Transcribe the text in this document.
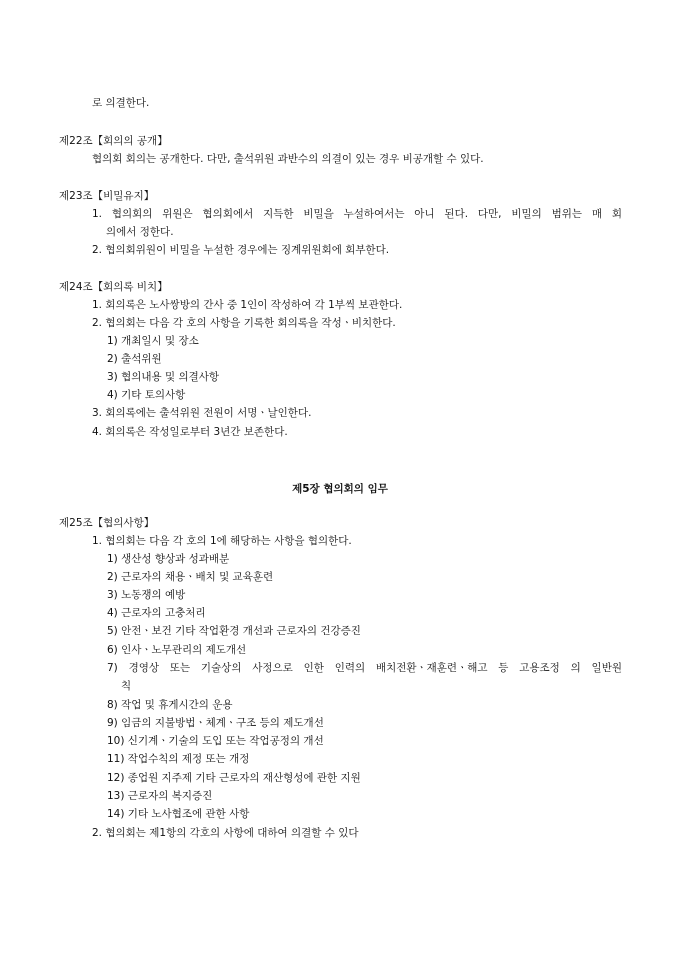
로 의결한다.
제22조【회의의 공개】
협의회 회의는 공개한다. 다만, 출석위원 과반수의 의결이 있는 경우 비공개할 수 있다.
제23조【비밀유지】
1. 협의회의 위원은 협의회에서 지득한 비밀을 누설하여서는 아니 된다. 다만, 비밀의 범위는 매 회
의에서 정한다.
2. 협의회위원이 비밀을 누설한 경우에는 징계위원회에 회부한다.
제24조【회의록 비치】
1. 회의록은 노사쌍방의 간사 중 1인이 작성하여 각 1부씩 보관한다.
2. 협의회는 다음 각 호의 사항을 기록한 회의록을 작성ㆍ비치한다.
1) 개최일시 및 장소
2) 출석위원
3) 협의내용 및 의결사항
4) 기타 토의사항
3. 회의록에는 출석위원 전원이 서명ㆍ날인한다.
4. 회의록은 작성일로부터 3년간 보존한다.
제5장 협의회의 임무
제25조【협의사항】
1. 협의회는 다음 각 호의 1에 해당하는 사항을 협의한다.
1) 생산성 향상과 성과배분
2) 근로자의 채용ㆍ배치 및 교육훈련
3) 노동쟁의 예방
4) 근로자의 고충처리
5) 안전ㆍ보건 기타 작업환경 개선과 근로자의 건강증진
6) 인사ㆍ노무관리의 제도개선
7) 경영상 또는 기술상의 사정으로 인한 인력의 배치전환ㆍ재훈련ㆍ해고 등 고용조정 의 일반원
칙
8) 작업 및 휴게시간의 운용
9) 임금의 지불방법ㆍ체계ㆍ구조 등의 제도개선
10) 신기계ㆍ기술의 도입 또는 작업공정의 개선
11) 작업수칙의 제정 또는 개정
12) 종업원 지주제 기타 근로자의 재산형성에 관한 지원
13) 근로자의 복지증진
14) 기타 노사협조에 관한 사항
2. 협의회는 제1항의 각호의 사항에 대하여 의결할 수 있다
